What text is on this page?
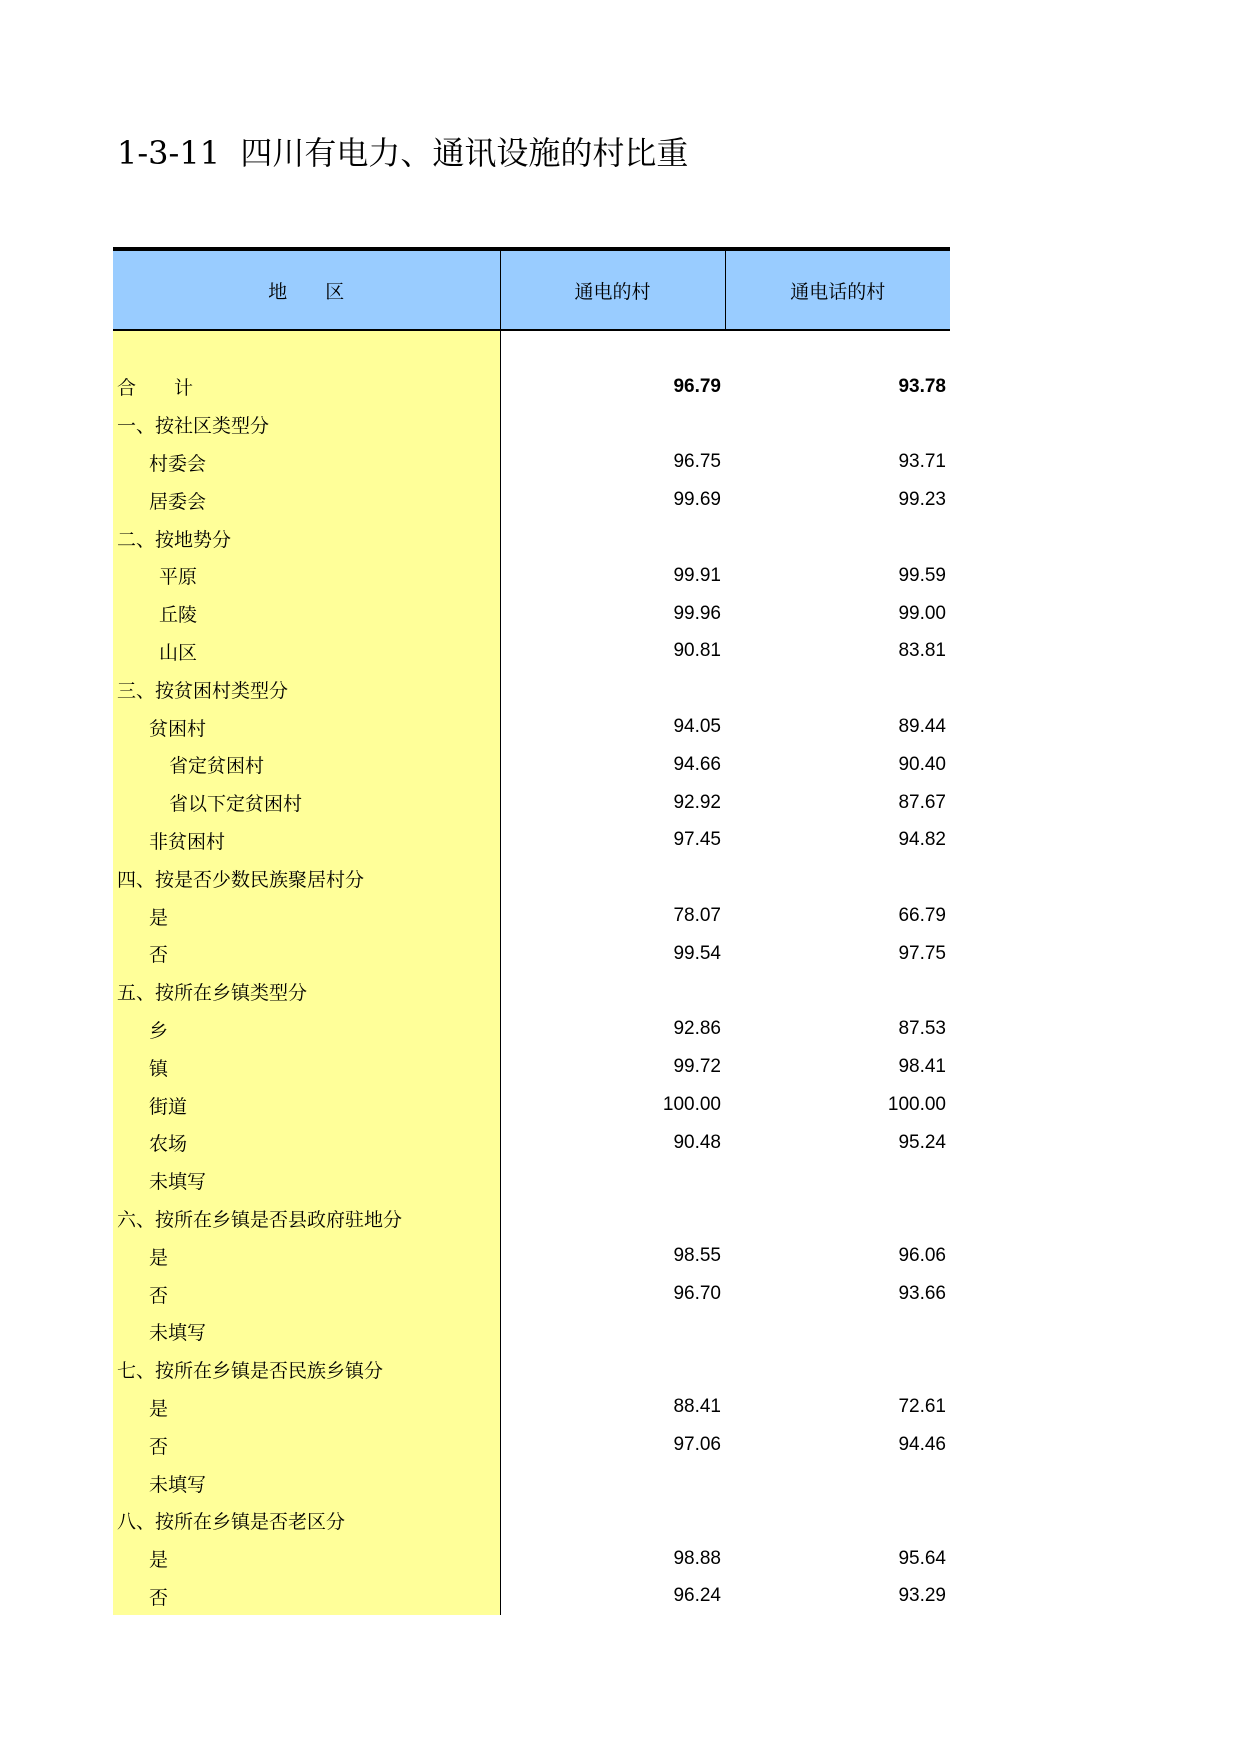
1-3-11  四川有电力、通讯设施的村比重
地　　区	通电的村	通电话的村

合　　计	96.79	93.78
一、按社区类型分		
村委会	96.75	93.71
居委会	99.69	99.23
二、按地势分		
平原	99.91	99.59
丘陵	99.96	99.00
山区	90.81	83.81
三、按贫困村类型分		
贫困村	94.05	89.44
省定贫困村	94.66	90.40
省以下定贫困村	92.92	87.67
非贫困村	97.45	94.82
四、按是否少数民族聚居村分		
是	78.07	66.79
否	99.54	97.75
五、按所在乡镇类型分		
乡	92.86	87.53
镇	99.72	98.41
街道	100.00	100.00
农场	90.48	95.24
未填写		
六、按所在乡镇是否县政府驻地分		
是	98.55	96.06
否	96.70	93.66
未填写		
七、按所在乡镇是否民族乡镇分		
是	88.41	72.61
否	97.06	94.46
未填写		
八、按所在乡镇是否老区分		
是	98.88	95.64
否	96.24	93.29
